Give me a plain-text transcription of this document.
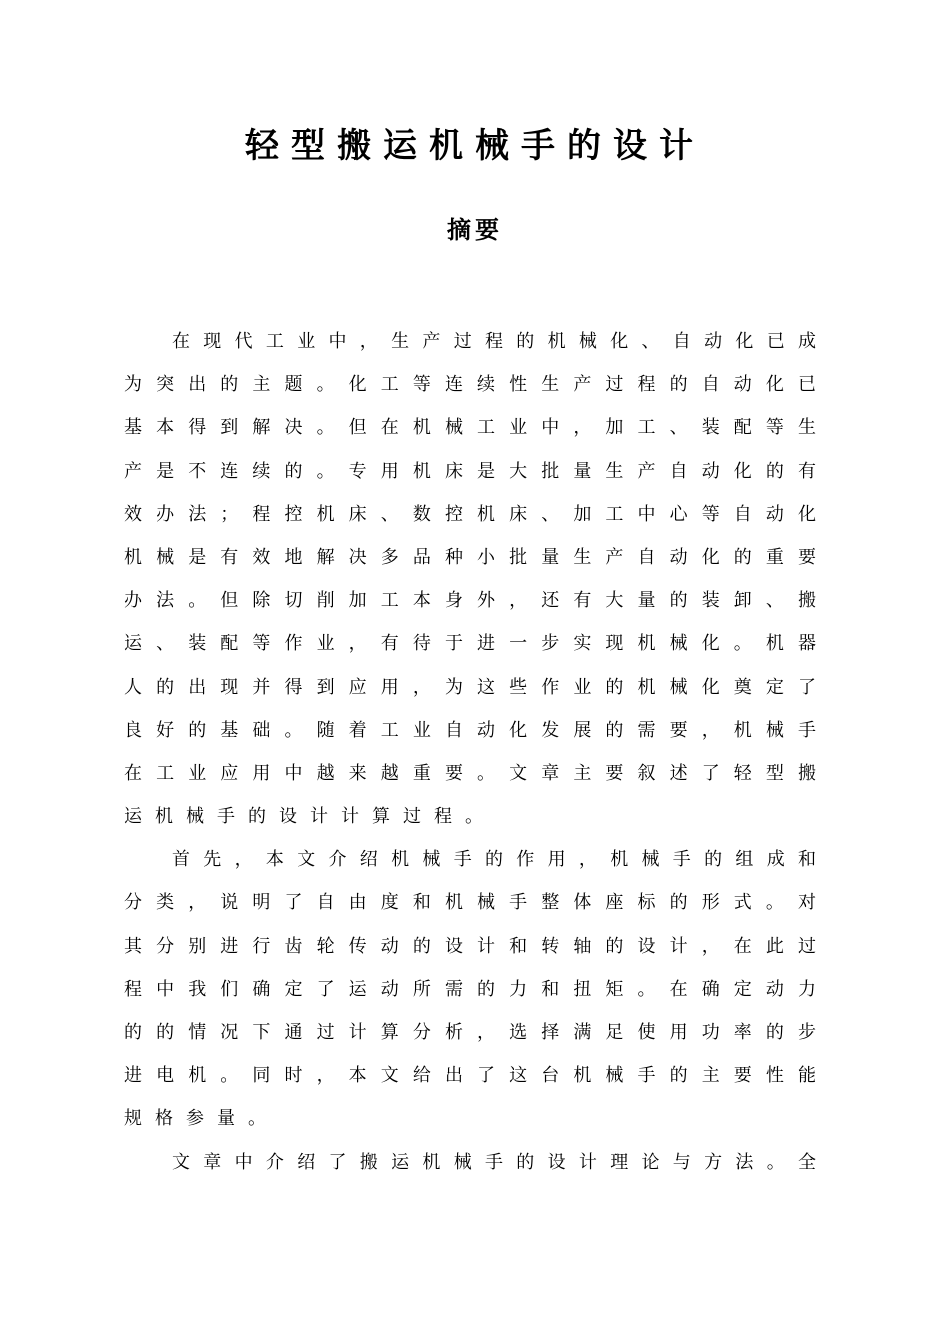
轻型搬运机械手的设计
摘要
在现代工业中，生产过程的机械化、自动化已成
为突出的主题。化工等连续性生产过程的自动化已
基本得到解决。但在机械工业中，加工、装配等生
产是不连续的。专用机床是大批量生产自动化的有
效办法；程控机床、数控机床、加工中心等自动化
机械是有效地解决多品种小批量生产自动化的重要
办法。但除切削加工本身外，还有大量的装卸、搬
运、装配等作业，有待于进一步实现机械化。机器
人的出现并得到应用，为这些作业的机械化奠定了
良好的基础。随着工业自动化发展的需要，机械手
在工业应用中越来越重要。文章主要叙述了轻型搬
运机械手的设计计算过程。
首先，本文介绍机械手的作用，机械手的组成和
分类，说明了自由度和机械手整体座标的形式。对
其分别进行齿轮传动的设计和转轴的设计，在此过
程中我们确定了运动所需的力和扭矩。在确定动力
的的情况下通过计算分析，选择满足使用功率的步
进电机。同时，本文给出了这台机械手的主要性能
规格参量。
文章中介绍了搬运机械手的设计理论与方法。全
